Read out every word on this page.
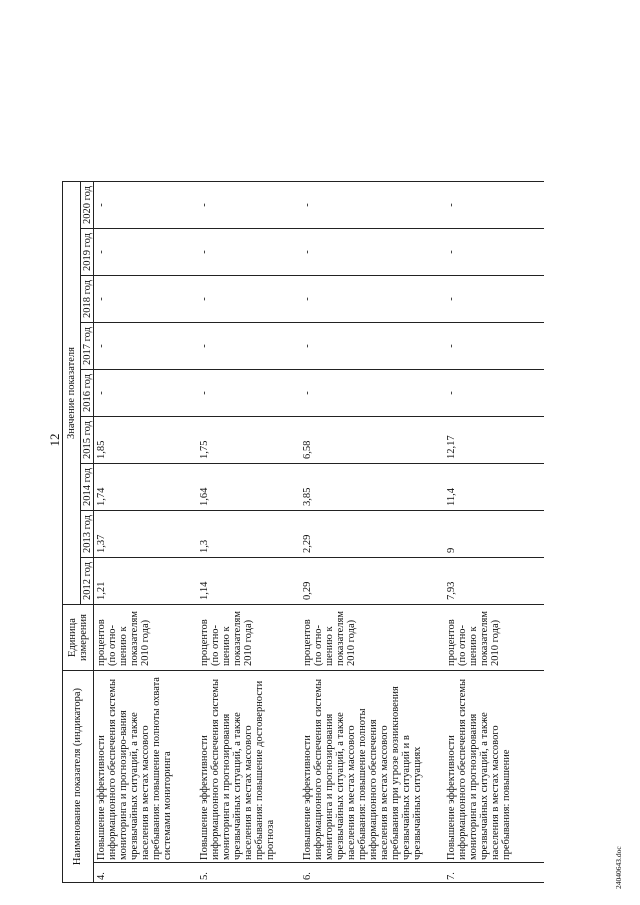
12
Наименование показателя (индикатора)		Единица измерения	Значение показателя								
			2012 год	2013 год	2014 год	2015 год	2016 год	2017 год	2018 год	2019 год	2020 год
4.	Повышение эффективности информационного обеспечения системы мониторинга и прогнозиро-вания чрезвычайных ситуаций, а также населения в местах массового пребывания: повышение полноты охвата системами мониторинга	процентов (по отно-шению к показателям 2010 года)	1,21	1,37	1,74	1,85	-	-	-	-	-
5.	Повышение эффективности информационного обеспечения системы мониторинга и прогнозирования чрезвычайных ситуаций, а также населения в местах массового пребывания: повышение достоверности прогноза	процентов (по отно-шению к показателям 2010 года)	1,14	1,3	1,64	1,75	-	-	-	-	-
6.	Повышение эффективности информационного обеспечения системы мониторинга и прогнозирования чрезвычайных ситуаций, а также населения в местах массового пребывания: повышение полноты информационного обеспечения населения в местах массового пребывания при угрозе возникновения чрезвычайных ситуаций и в чрезвычайных ситуациях	процентов (по отно-шению к показателям 2010 года)	0,29	2,29	3,85	6,58	-	-	-	-	-
7.	Повышение эффективности информационного обеспечения системы мониторинга и прогнозирования чрезвычайных ситуаций, а также населения в местах массового пребывания: повышение	процентов (по отно-шению к показателям 2010 года)	7,93	9	11,4	12,17	-	-	-	-	-
2404064З.doc
